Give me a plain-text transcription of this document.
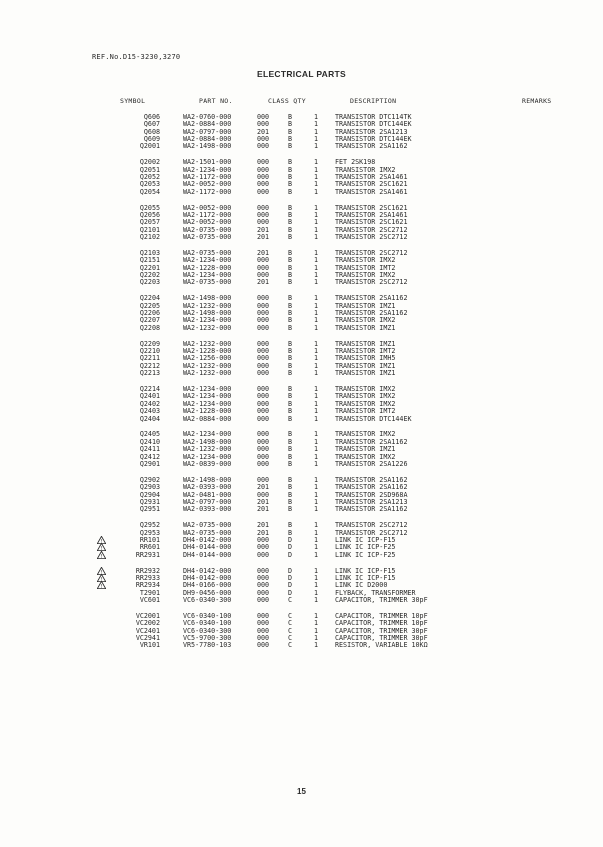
REF.No.D15-3230,3270
ELECTRICAL PARTS
SYMBOL	PART NO.	CLASS QTY	DESCRIPTION	REMARKS
Q606	WA2-0760-000	000	B	1	TRANSISTOR DTC114TK
Q607	WA2-0884-000	000	B	1	TRANSISTOR DTC144EK
Q608	WA2-0797-000	201	B	1	TRANSISTOR 2SA1213
Q609	WA2-0884-000	000	B	1	TRANSISTOR DTC144EK
Q2001	WA2-1498-000	000	B	1	TRANSISTOR 2SA1162
Q2002	WA2-1501-000	000	B	1	FET 2SK198
Q2051	WA2-1234-000	000	B	1	TRANSISTOR IMX2
Q2052	WA2-1172-000	000	B	1	TRANSISTOR 2SA1461
Q2053	WA2-0052-000	000	B	1	TRANSISTOR 2SC1621
Q2054	WA2-1172-000	000	B	1	TRANSISTOR 2SA1461
Q2055	WA2-0052-000	000	B	1	TRANSISTOR 2SC1621
Q2056	WA2-1172-000	000	B	1	TRANSISTOR 2SA1461
Q2057	WA2-0052-000	000	B	1	TRANSISTOR 2SC1621
Q2101	WA2-0735-000	201	B	1	TRANSISTOR 2SC2712
Q2102	WA2-0735-000	201	B	1	TRANSISTOR 2SC2712
Q2103	WA2-0735-000	201	B	1	TRANSISTOR 2SC2712
Q2151	WA2-1234-000	000	B	1	TRANSISTOR IMX2
Q2201	WA2-1228-000	000	B	1	TRANSISTOR IMT2
Q2202	WA2-1234-000	000	B	1	TRANSISTOR IMX2
Q2203	WA2-0735-000	201	B	1	TRANSISTOR 2SC2712
Q2204	WA2-1498-000	000	B	1	TRANSISTOR 2SA1162
Q2205	WA2-1232-000	000	B	1	TRANSISTOR IMZ1
Q2206	WA2-1498-000	000	B	1	TRANSISTOR 2SA1162
Q2207	WA2-1234-000	000	B	1	TRANSISTOR IMX2
Q2208	WA2-1232-000	000	B	1	TRANSISTOR IMZ1
Q2209	WA2-1232-000	000	B	1	TRANSISTOR IMZ1
Q2210	WA2-1228-000	000	B	1	TRANSISTOR IMT2
Q2211	WA2-1256-000	000	B	1	TRANSISTOR IMH5
Q2212	WA2-1232-000	000	B	1	TRANSISTOR IMZ1
Q2213	WA2-1232-000	000	B	1	TRANSISTOR IMZ1
Q2214	WA2-1234-000	000	B	1	TRANSISTOR IMX2
Q2401	WA2-1234-000	000	B	1	TRANSISTOR IMX2
Q2402	WA2-1234-000	000	B	1	TRANSISTOR IMX2
Q2403	WA2-1228-000	000	B	1	TRANSISTOR IMT2
Q2404	WA2-0884-000	000	B	1	TRANSISTOR DTC144EK
Q2405	WA2-1234-000	000	B	1	TRANSISTOR IMX2
Q2410	WA2-1498-000	000	B	1	TRANSISTOR 2SA1162
Q2411	WA2-1232-000	000	B	1	TRANSISTOR IMZ1
Q2412	WA2-1234-000	000	B	1	TRANSISTOR IMX2
Q2901	WA2-0839-000	000	B	1	TRANSISTOR 2SA1226
Q2902	WA2-1498-000	000	B	1	TRANSISTOR 2SA1162
Q2903	WA2-0393-000	201	B	1	TRANSISTOR 2SA1162
Q2904	WA2-0481-000	000	B	1	TRANSISTOR 2SD968A
Q2931	WA2-0797-000	201	B	1	TRANSISTOR 2SA1213
Q2951	WA2-0393-000	201	B	1	TRANSISTOR 2SA1162
Q2952	WA2-0735-000	201	B	1	TRANSISTOR 2SC2712
Q2953	WA2-0735-000	201	B	1	TRANSISTOR 2SC2712
!	RR101	DH4-0142-000	000	D	1	LINK IC ICP-F15
!	RR601	DH4-0144-000	000	D	1	LINK IC ICP-F25
!	RR2931	DH4-0144-000	000	D	1	LINK IC ICP-F25
!	RR2932	DH4-0142-000	000	D	1	LINK IC ICP-F15
!	RR2933	DH4-0142-000	000	D	1	LINK IC ICP-F15
!	RR2934	DH4-0166-000	000	D	1	LINK IC D2000
T2901	DH9-0456-000	000	D	1	FLYBACK, TRANSFORMER
VC601	VC6-0340-300	000	C	1	CAPACITOR, TRIMMER 30pF
VC2001	VC6-0340-100	000	C	1	CAPACITOR, TRIMMER 10pF
VC2002	VC6-0340-100	000	C	1	CAPACITOR, TRIMMER 10pF
VC2401	VC6-0340-300	000	C	1	CAPACITOR, TRIMMER 30pF
VC2941	VC5-9700-300	000	C	1	CAPACITOR, TRIMMER 30pF
VR101	VR5-7780-103	000	C	1	RESISTOR, VARIABLE 10KΩ
15
